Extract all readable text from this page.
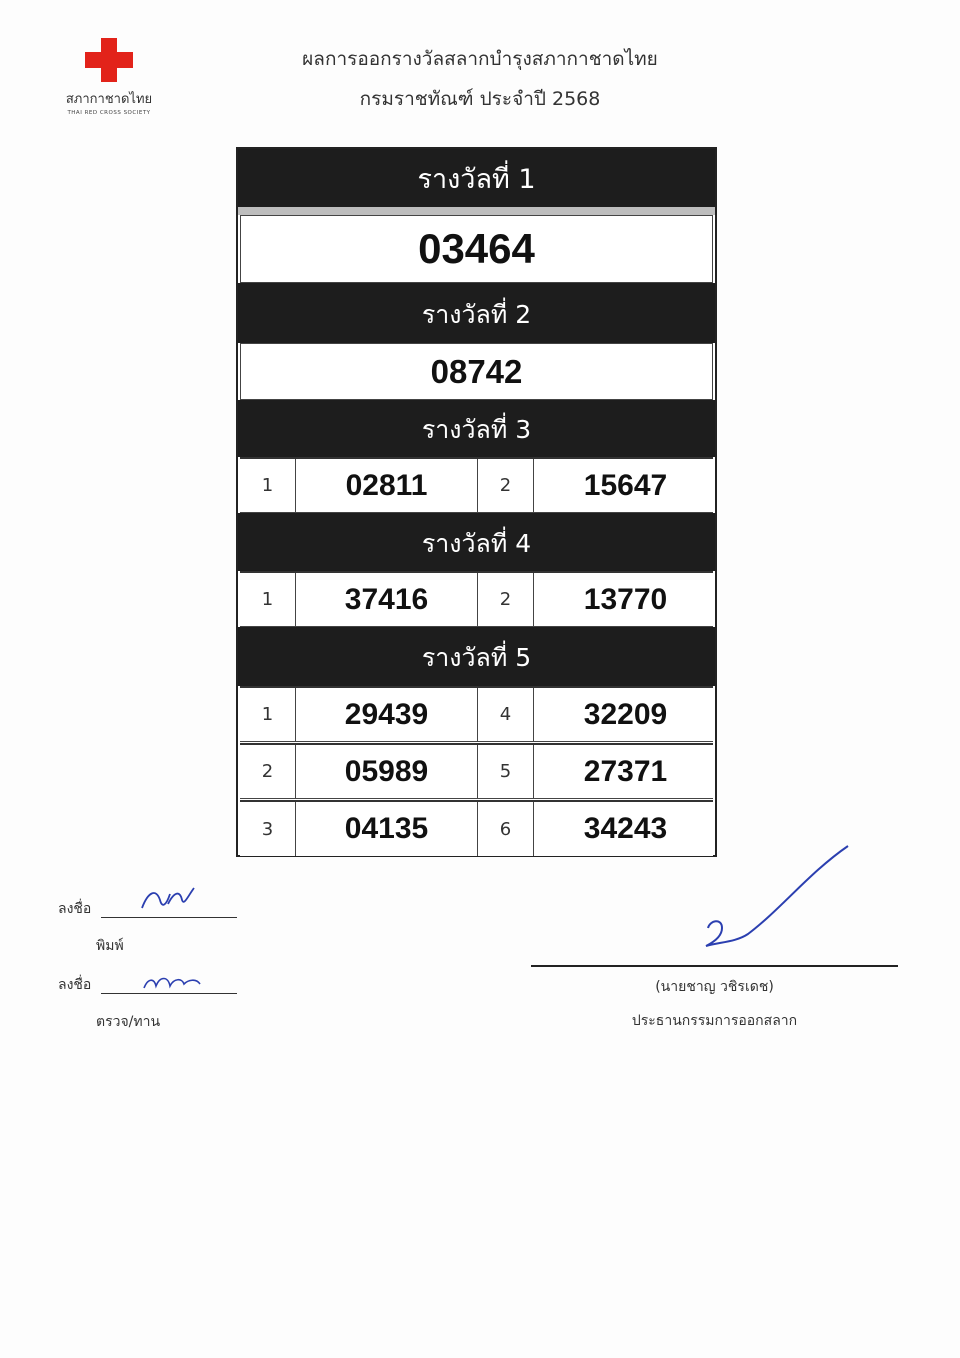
สภากาชาดไทย
THAI RED CROSS SOCIETY
ผลการออกรางวัลสลากบำรุงสภากาชาดไทย
กรมราชทัณฑ์ ประจำปี 2568
รางวัลที่ 1
03464
รางวัลที่ 2
08742
รางวัลที่ 3
1	02811	2	15647
รางวัลที่ 4
1	37416	2	13770
รางวัลที่ 5
1	29439	4	32209
2	05989	5	27371
3	04135	6	34243
ลงชื่อ
พิมพ์
ลงชื่อ
ตรวจ/ทาน
(นายชาญ วชิรเดช)
ประธานกรรมการออกสลาก
